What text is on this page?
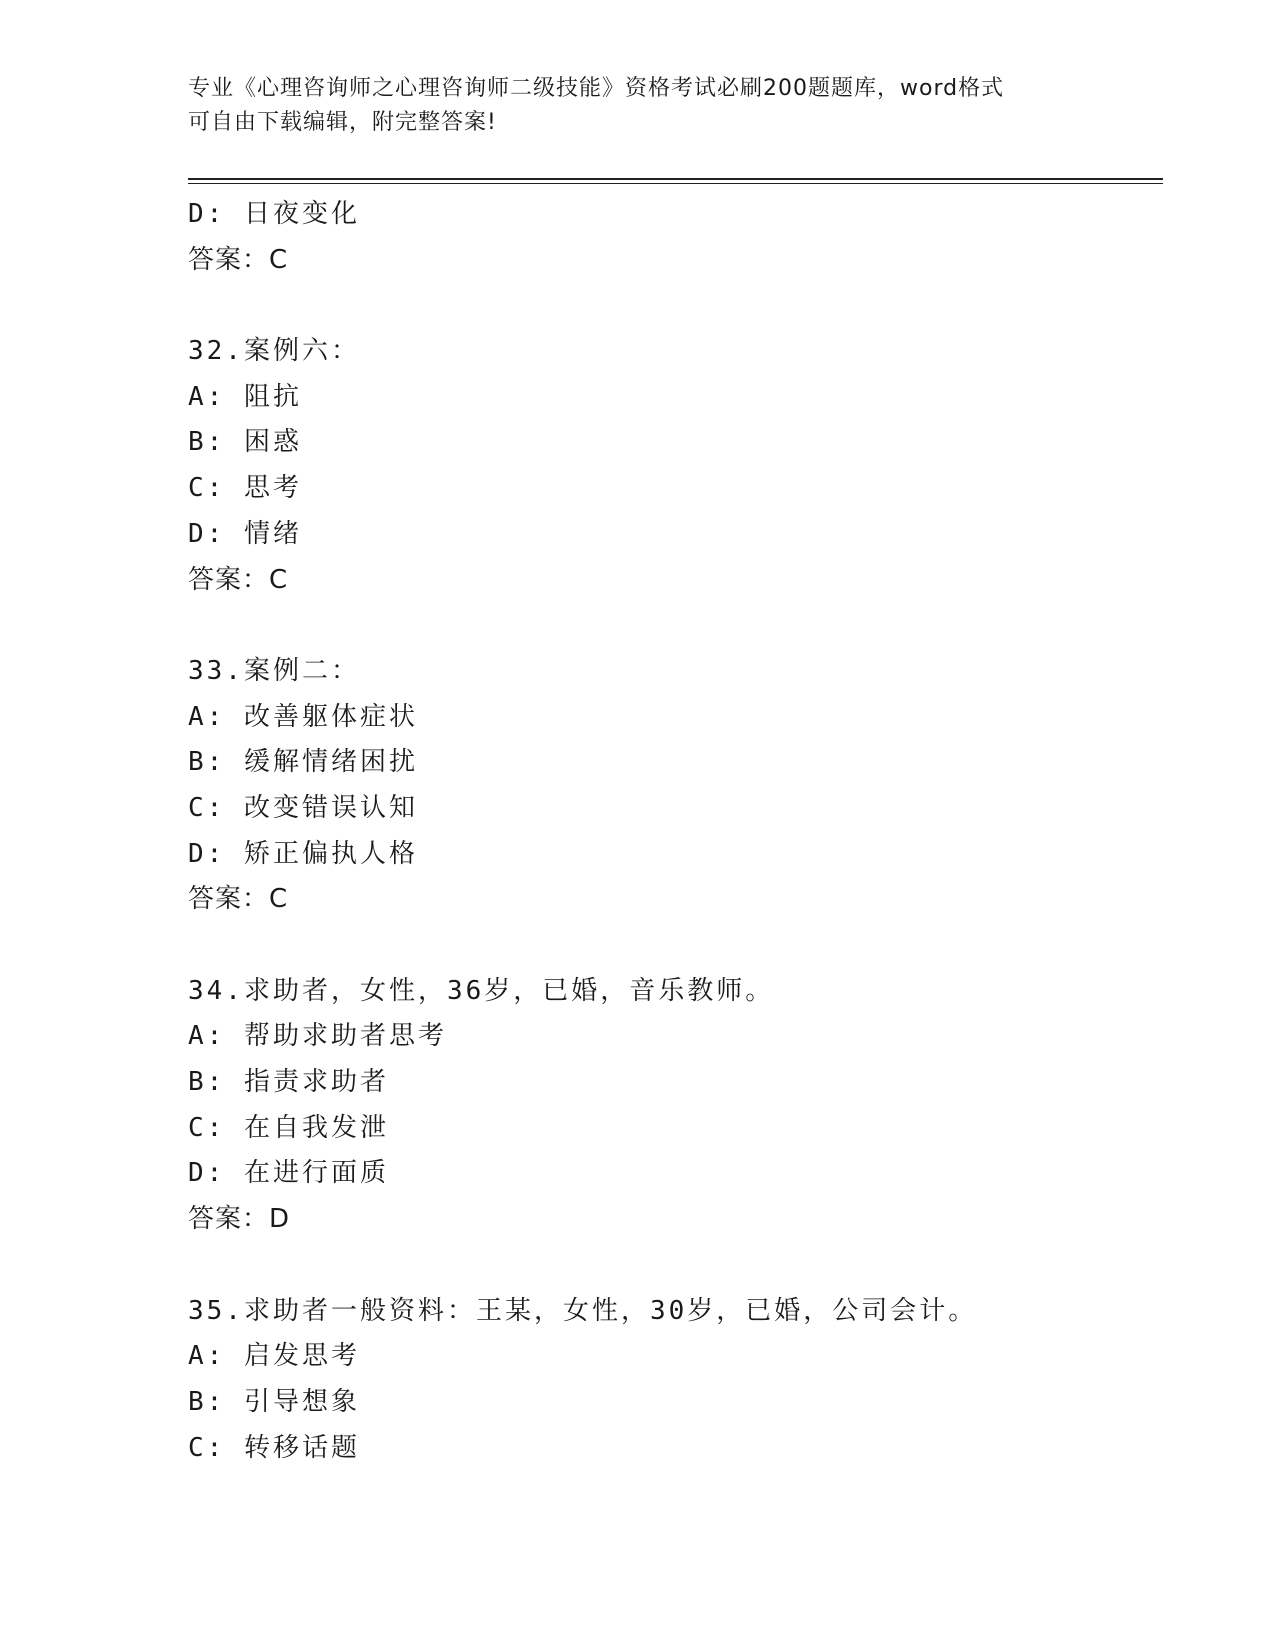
专业《心理咨询师之心理咨询师二级技能》资格考试必刷200题题库，word格式
可自由下载编辑，附完整答案!
D: 日夜变化
答案：C
32.案例六：
A: 阻抗
B: 困惑
C: 思考
D: 情绪
答案：C
33.案例二：
A: 改善躯体症状
B: 缓解情绪困扰
C: 改变错误认知
D: 矫正偏执人格
答案：C
34.求助者，女性，36岁，已婚，音乐教师。
A: 帮助求助者思考
B: 指责求助者
C: 在自我发泄
D: 在进行面质
答案：D
35.求助者一般资料：王某，女性，30岁，已婚，公司会计。
A: 启发思考
B: 引导想象
C: 转移话题
